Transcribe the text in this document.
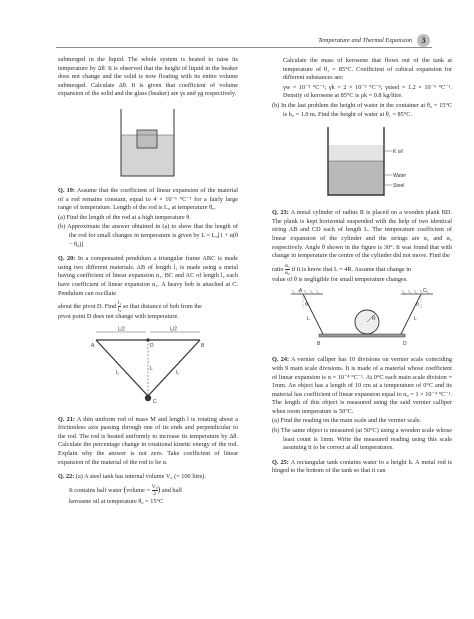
Temperature and Thermal Expansion	3

submerged in the liquid. The whole system is heated to raise its temperature by Δθ. It is observed that the height of liquid in the beaker does not change and the solid is now floating with its entire volume submerged. Calculate Δθ. It is given that coefficient of volume expansion of the solid and the glass (beaker) are γs and γg respectively.

Q. 19: Assume that the coefficient of linear expansion of the material of a rod remains constant, equal to 4 × 10⁻⁶ °C⁻¹ for a fairly large range of temperature. Length of the rod is L₀ at temperature θ₀.

(a) Find the length of the rod at a high temperature θ.

(b) Approximate the answer obtained in (a) to show that the length of the rod for small changes in temperature is given by L = L₀[1 + α(θ − θ₀)]

Q. 20: In a compensated pendulum a triangular frame ABC is made using two different materials. AB of length l₁ is made using a metal having coefficient of linear expansion α₁. BC and AC of length l₂ each have coefficient of linear expansion α₂. A heavy bob is attached at C. Pendulum can oscillate

about the pivot D. Find $\frac{\text{l₁}}{\text{l₂}}$ so that distance of bob from the

pivot point D does not change with temperature.

l₁/2	l₁/2
A	B
D
C
l₂	l₂
L

Q. 21: A thin uniform rod of mass M and length l is rotating about a frictionless axis passing through one of its ends and perpendicular to the rod. The rod is heated uniformly to increase its temperature by Δθ. Calculate the percentage change in rotational kinetic energy of the rod. Explain why the answer is not zero. Take coefficient of linear expansion of the material of the rod to be α.

Q. 22: (a) A steel tank has internal volume V₀ (= 100 litre).

It contains half water (volume = $\frac{\text{V₀}}{2}$ ) and half

kerosene oil at temperature θ₀ = 15°C

Calculate the mass of kerosene that flows out of the tank at temperature of θ₁ = 85°C. Coefficient of cubical expansion for different substances are:

γw = 10⁻³ °C⁻¹; γk = 2 × 10⁻³ °C⁻¹; γsteel = 1.2 × 10⁻⁵ °C⁻¹. Density of kerosene at 85°C is ρk = 0.8 kg/litre.

(b) In the last problem the height of water in the container at θ₀ = 15°C is h₀ = 1.0 m. Find the height of water at θ₁ = 85°C.

K oil
Water
Steel

Q. 23: A metal cylinder of radius R is placed on a wooden plank BD. The plank is kept horizontal suspended with the help of two identical string AB and CD each of length L. The temperature coefficient of linear expansion of the cylinder and the strings are α₁ and α₂ respectively. Angle θ shown in the figure is 30°. It was found that with change in temperature the centre of the cylinder did not move. Find the

ratio $\frac{\text{α₁}}{\text{α₂}}$ if it is know that L = 4R. Assume that change in

value of θ is negligible for small temperature changes.

A	C
B	D
θ	θ
L	L
R

Q. 24: A vernier calliper has 10 divisions on vernier scale coinciding with 9 main scale divisions. It is made of a material whose coefficient of linear expansion is α = 10⁻⁴ °C⁻¹. At 0°C each main scale division = 1mm. An object has a length of 10 cm at a temperature of 0°C and its material has coefficient of linear expansion equal to α₀ = 1 × 10⁻⁴ °C⁻¹. The length of this object is measured using the said vernier calliper when room temperature is 50°C.

(a) Find the reading on the main scale and the vernier scale.

(b) The same object is measured (at 50°C) using a wooden scale whose least count is 1mm. Write the measured reading using this scale assuming it to be correct at all temperatures.

Q. 25: A rectangular tank contains water to a height h. A metal rod is hinged to the bottom of the tank so that it can
